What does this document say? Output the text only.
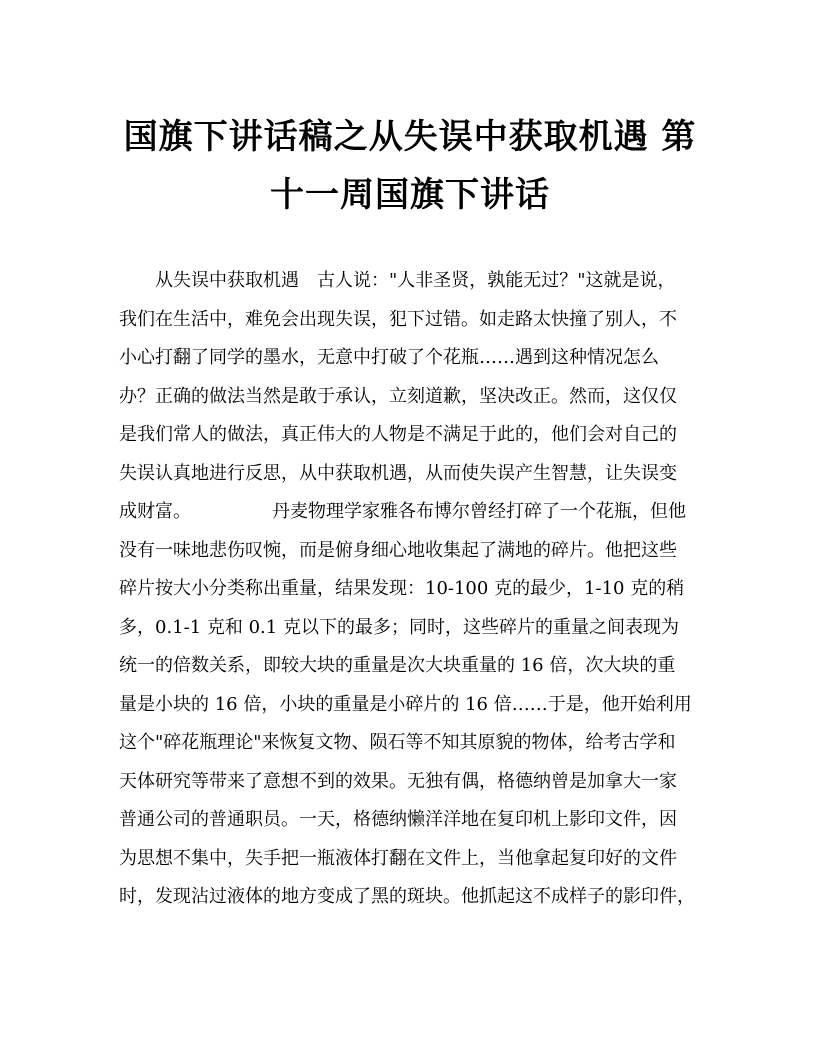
国旗下讲话稿之从失误中获取机遇 第
十一周国旗下讲话
　　从失误中获取机遇　古人说："人非圣贤，孰能无过？"这就是说，
我们在生活中，难免会出现失误，犯下过错。如走路太快撞了别人，不
小心打翻了同学的墨水，无意中打破了个花瓶……遇到这种情况怎么
办？正确的做法当然是敢于承认，立刻道歉，坚决改正。然而，这仅仅
是我们常人的做法，真正伟大的人物是不满足于此的，他们会对自己的
失误认真地进行反思，从中获取机遇，从而使失误产生智慧，让失误变
成财富。　　　　　丹麦物理学家雅各布博尔曾经打碎了一个花瓶，但他
没有一味地悲伤叹惋，而是俯身细心地收集起了满地的碎片。他把这些
碎片按大小分类称出重量，结果发现：10-100 克的最少，1-10 克的稍
多，0.1-1 克和 0.1 克以下的最多；同时，这些碎片的重量之间表现为
统一的倍数关系，即较大块的重量是次大块重量的 16 倍，次大块的重
量是小块的 16 倍，小块的重量是小碎片的 16 倍……于是，他开始利用
这个"碎花瓶理论"来恢复文物、陨石等不知其原貌的物体，给考古学和
天体研究等带来了意想不到的效果。无独有偶，格德纳曾是加拿大一家
普通公司的普通职员。一天，格德纳懒洋洋地在复印机上影印文件，因
为思想不集中，失手把一瓶液体打翻在文件上，当他拿起复印好的文件
时，发现沾过液体的地方变成了黑的斑块。他抓起这不成样子的影印件，
